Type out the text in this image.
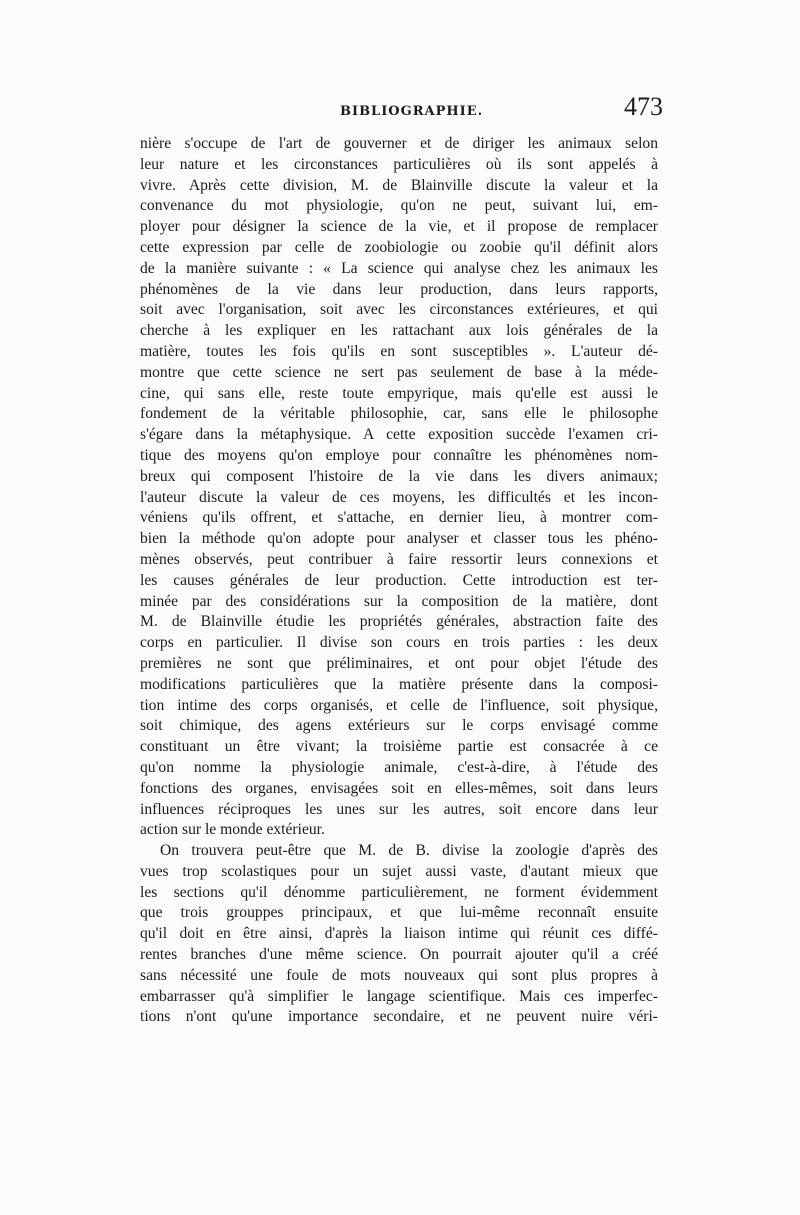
BIBLIOGRAPHIE.	473
nière s'occupe de l'art de gouverner et de diriger les animaux selon
leur nature et les circonstances particulières où ils sont appelés à
vivre. Après cette division, M. de Blainville discute la valeur et la
convenance du mot physiologie, qu'on ne peut, suivant lui, em-
ployer pour désigner la science de la vie, et il propose de remplacer
cette expression par celle de zoobiologie ou zoobie qu'il définit alors
de la manière suivante : « La science qui analyse chez les animaux les
phénomènes de la vie dans leur production, dans leurs rapports,
soit avec l'organisation, soit avec les circonstances extérieures, et qui
cherche à les expliquer en les rattachant aux lois générales de la
matière, toutes les fois qu'ils en sont susceptibles ». L'auteur dé-
montre que cette science ne sert pas seulement de base à la méde-
cine, qui sans elle, reste toute empyrique, mais qu'elle est aussi le
fondement de la véritable philosophie, car, sans elle le philosophe
s'égare dans la métaphysique. A cette exposition succède l'examen cri-
tique des moyens qu'on employe pour connaître les phénomènes nom-
breux qui composent l'histoire de la vie dans les divers animaux;
l'auteur discute la valeur de ces moyens, les difficultés et les incon-
véniens qu'ils offrent, et s'attache, en dernier lieu, à montrer com-
bien la méthode qu'on adopte pour analyser et classer tous les phéno-
mènes observés, peut contribuer à faire ressortir leurs connexions et
les causes générales de leur production. Cette introduction est ter-
minée par des considérations sur la composition de la matière, dont
M. de Blainville étudie les propriétés générales, abstraction faite des
corps en particulier. Il divise son cours en trois parties : les deux
premières ne sont que préliminaires, et ont pour objet l'étude des
modifications particulières que la matière présente dans la composi-
tion intime des corps organisés, et celle de l'influence, soit physique,
soit chimique, des agens extérieurs sur le corps envisagé comme
constituant un être vivant; la troisième partie est consacrée à ce
qu'on nomme la physiologie animale, c'est-à-dire, à l'étude des
fonctions des organes, envisagées soit en elles-mêmes, soit dans leurs
influences réciproques les unes sur les autres, soit encore dans leur
action sur le monde extérieur.
On trouvera peut-être que M. de B. divise la zoologie d'après des
vues trop scolastiques pour un sujet aussi vaste, d'autant mieux que
les sections qu'il dénomme particulièrement, ne forment évidemment
que trois grouppes principaux, et que lui-même reconnaît ensuite
qu'il doit en être ainsi, d'après la liaison intime qui réunit ces diffé-
rentes branches d'une même science. On pourrait ajouter qu'il a créé
sans nécessité une foule de mots nouveaux qui sont plus propres à
embarrasser qu'à simplifier le langage scientifique. Mais ces imperfec-
tions n'ont qu'une importance secondaire, et ne peuvent nuire véri-
